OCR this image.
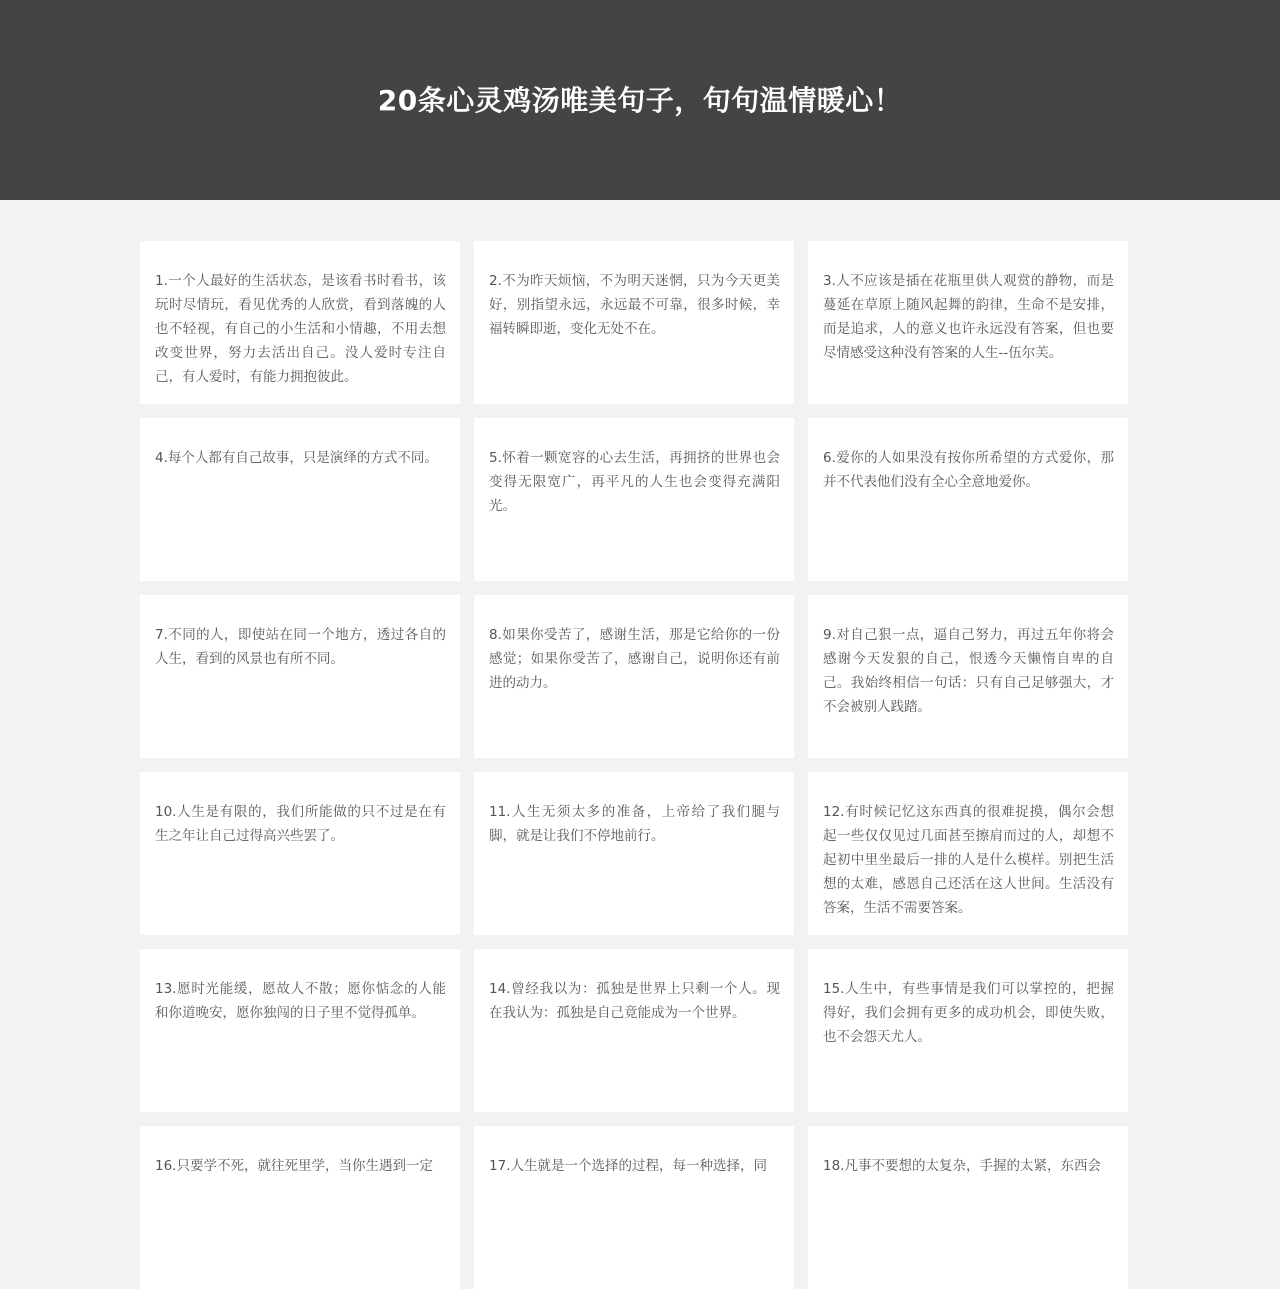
20条心灵鸡汤唯美句子，句句温情暖心！

1.一个人最好的生活状态，是该看书时看书，该玩时尽情玩，看见优秀的人欣赏，看到落魄的人也不轻视，有自己的小生活和小情趣，不用去想改变世界，努力去活出自己。没人爱时专注自己，有人爱时，有能力拥抱彼此。

2.不为昨天烦恼，不为明天迷惘，只为今天更美好，别指望永远，永远最不可靠，很多时候，幸福转瞬即逝，变化无处不在。

3.人不应该是插在花瓶里供人观赏的静物，而是蔓延在草原上随风起舞的韵律，生命不是安排，而是追求，人的意义也许永远没有答案，但也要尽情感受这种没有答案的人生--伍尔芙。

4.每个人都有自己故事，只是演绎的方式不同。	5.怀着一颗宽容的心去生活，再拥挤的世界也会变得无限宽广，再平凡的人生也会变得充满阳光。

6.爱你的人如果没有按你所希望的方式爱你，那并不代表他们没有全心全意地爱你。

7.不同的人，即使站在同一个地方，透过各自的人生，看到的风景也有所不同。

8.如果你受苦了，感谢生活，那是它给你的一份感觉；如果你受苦了，感谢自己，说明你还有前进的动力。

9.对自己狠一点，逼自己努力，再过五年你将会感谢今天发狠的自己，恨透今天懒惰自卑的自己。我始终相信一句话：只有自己足够强大，才不会被别人践踏。

10.人生是有限的，我们所能做的只不过是在有生之年让自己过得高兴些罢了。

11.人生无须太多的准备，上帝给了我们腿与脚，就是让我们不停地前行。

12.有时候记忆这东西真的很难捉摸，偶尔会想起一些仅仅见过几面甚至擦肩而过的人，却想不起初中里坐最后一排的人是什么模样。别把生活想的太难，感恩自己还活在这人世间。生活没有答案，生活不需要答案。

13.愿时光能缓，愿故人不散；愿你惦念的人能和你道晚安，愿你独闯的日子里不觉得孤单。

14.曾经我以为：孤独是世界上只剩一个人。现在我认为：孤独是自己竟能成为一个世界。

15.人生中，有些事情是我们可以掌控的，把握得好，我们会拥有更多的成功机会，即使失败，也不会怨天尤人。

16.只要学不死，就往死里学，当你生遇到一定	17.人生就是一个选择的过程，每一种选择，同	18.凡事不要想的太复杂，手握的太紧，东西会
